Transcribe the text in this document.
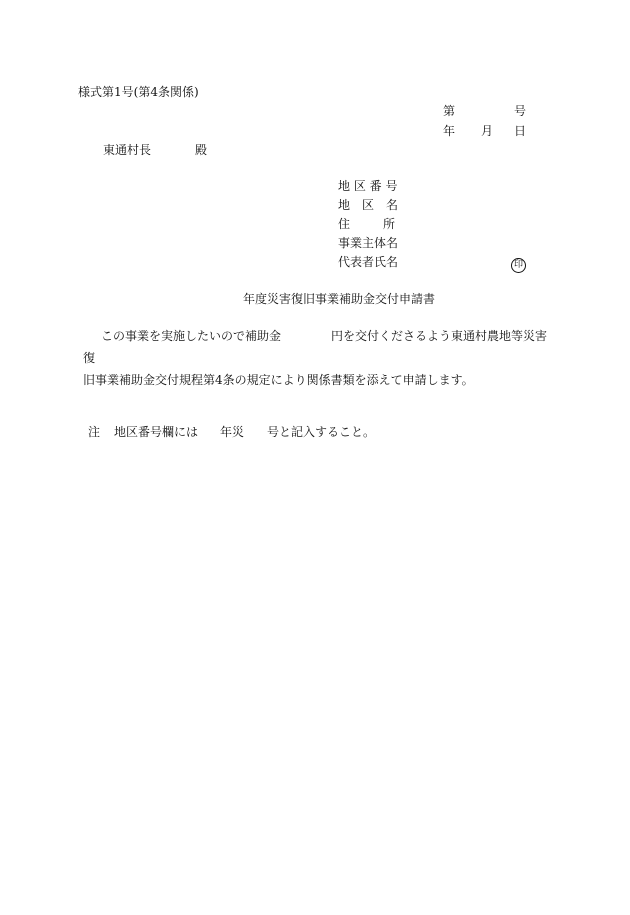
様式第1号(第4条関係)
第	号
年 月 日
東通村長	殿
地 区 番 号
地　区　名
住	所
事業主体名
代表者氏名	印
年度災害復旧事業補助金交付申請書
この事業を実施したいので補助金	円を交付くださるよう東通村農地等災害復
旧事業補助金交付規程第4条の規定により関係書類を添えて申請します。
注 地区番号欄には 年災 号と記入すること。
